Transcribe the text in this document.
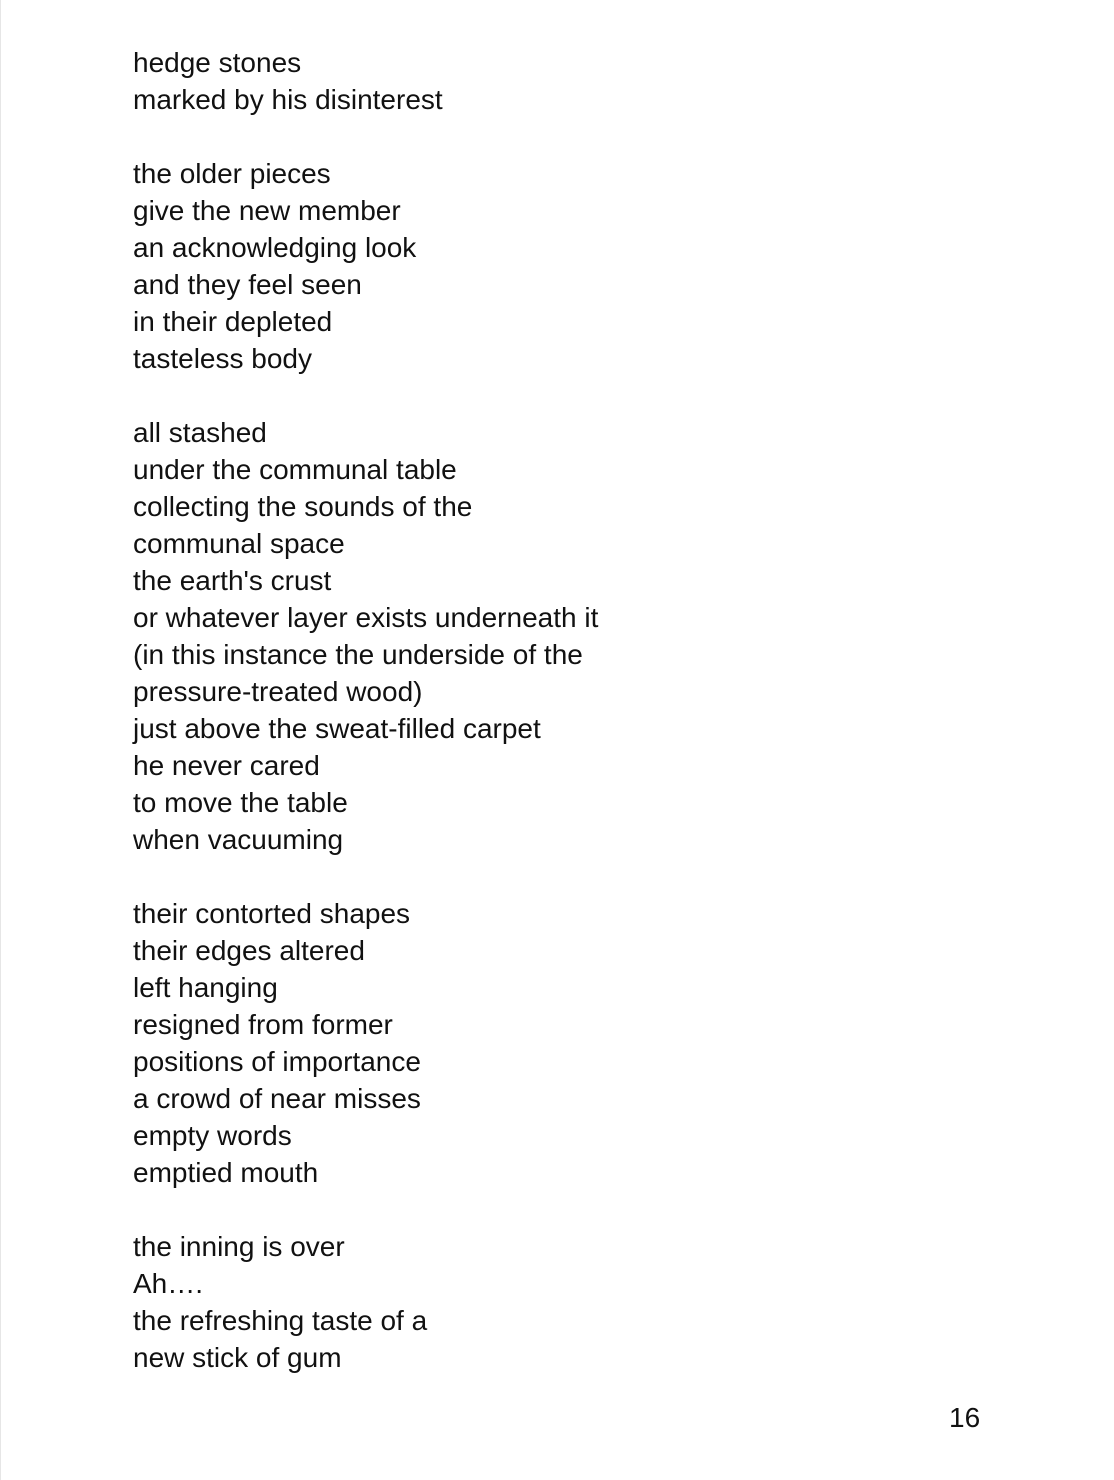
hedge stones
marked by his disinterest
the older pieces
give the new member
an acknowledging look
and they feel seen
in their depleted
tasteless body
all stashed
under the communal table
collecting the sounds of the
communal space
the earth's crust
or whatever layer exists underneath it
(in this instance the underside of the
pressure-treated wood)
just above the sweat-filled carpet
he never cared
to move the table
when vacuuming
their contorted shapes
their edges altered
left hanging
resigned from former
positions of importance
a crowd of near misses
empty words
emptied mouth
the inning is over
Ah….
the refreshing taste of a
new stick of gum
16
